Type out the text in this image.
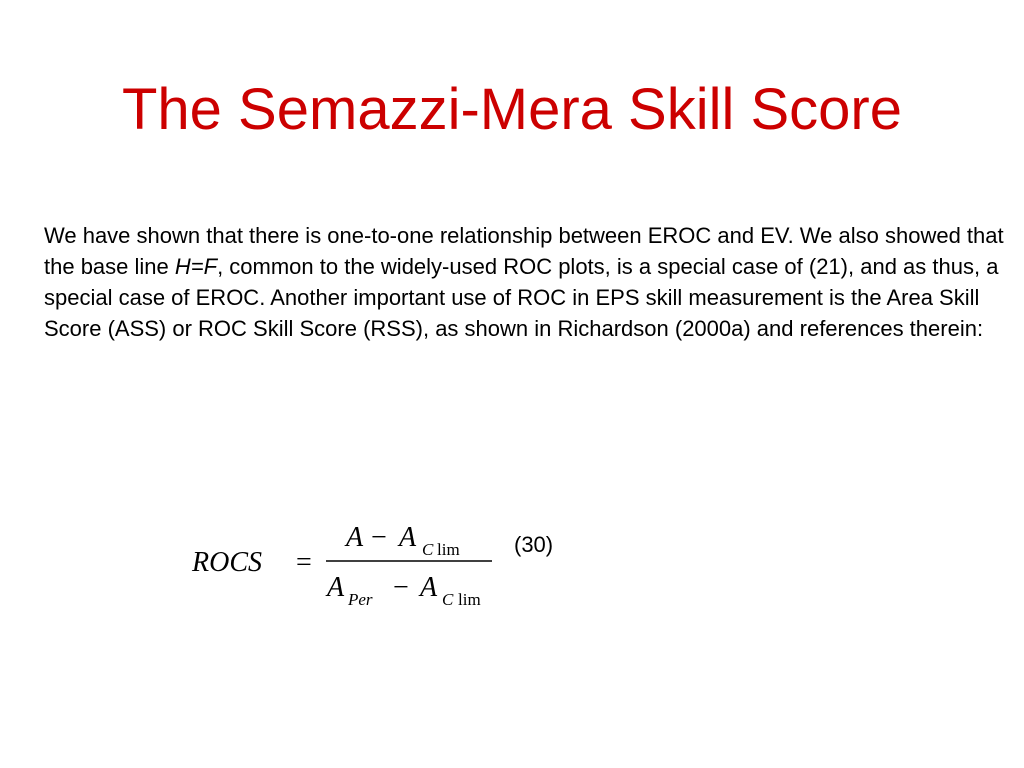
The Semazzi-Mera Skill Score

We have shown that there is one-to-one relationship between EROC and EV. We also showed that the base line H=F, common to the widely-used ROC plots, is a special case of (21), and as thus, a special case of EROC. Another important use of ROC in EPS skill measurement is the Area Skill Score (ASS) or ROC Skill Score (RSS), as shown in Richardson (2000a) and references therein:

ROCS =
A − A C lim
A Per − A C lim
(30)
